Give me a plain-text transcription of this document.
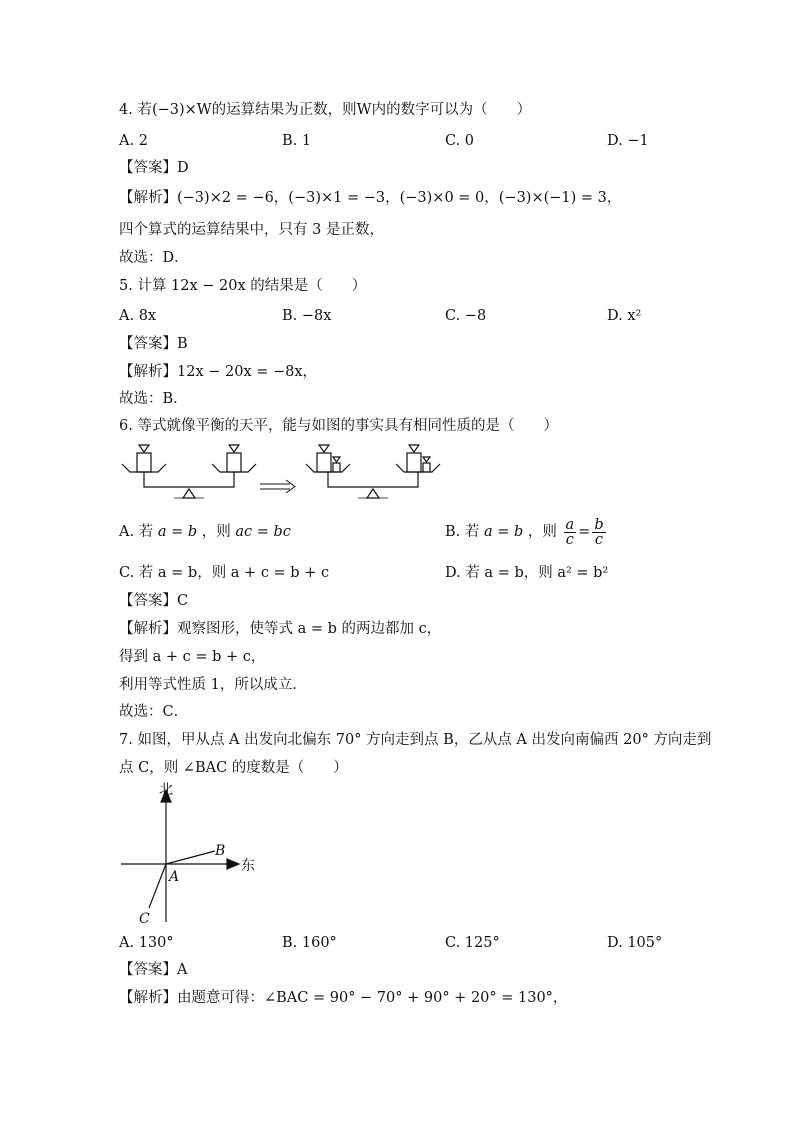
4. 若(−3)×W的运算结果为正数，则W内的数字可以为（　　）
A. 2	B. 1	C. 0	D. −1
【答案】D
【解析】(−3)×2 = −6，(−3)×1 = −3，(−3)×0 = 0，(−3)×(−1) = 3，
四个算式的运算结果中，只有 3 是正数，
故选：D．
5. 计算 12x − 20x 的结果是（　　）
A. 8x	B. −8x	C. −8	D. x²
【答案】B
【解析】12x − 20x = −8x，
故选：B．
6. 等式就像平衡的天平，能与如图的事实具有相同性质的是（　　）
A. 若 a = b ，则 ac = bc	B. 若 a = b ，则 $\frac{a}{c} = \frac{b}{c}$
C. 若 a = b，则 a + c = b + c	D. 若 a = b，则 a² = b²
【答案】C
【解析】观察图形，使等式 a = b 的两边都加 c，
得到 a + c = b + c，
利用等式性质 1，所以成立．
故选：C．
7. 如图，甲从点 A 出发向北偏东 70° 方向走到点 B，乙从点 A 出发向南偏西 20° 方向走到
点 C，则 ∠BAC 的度数是（　　）
北
东
A
B
C
A. 130°	B. 160°	C. 125°	D. 105°
【答案】A
【解析】由题意可得：∠BAC = 90° − 70° + 90° + 20° = 130°，
